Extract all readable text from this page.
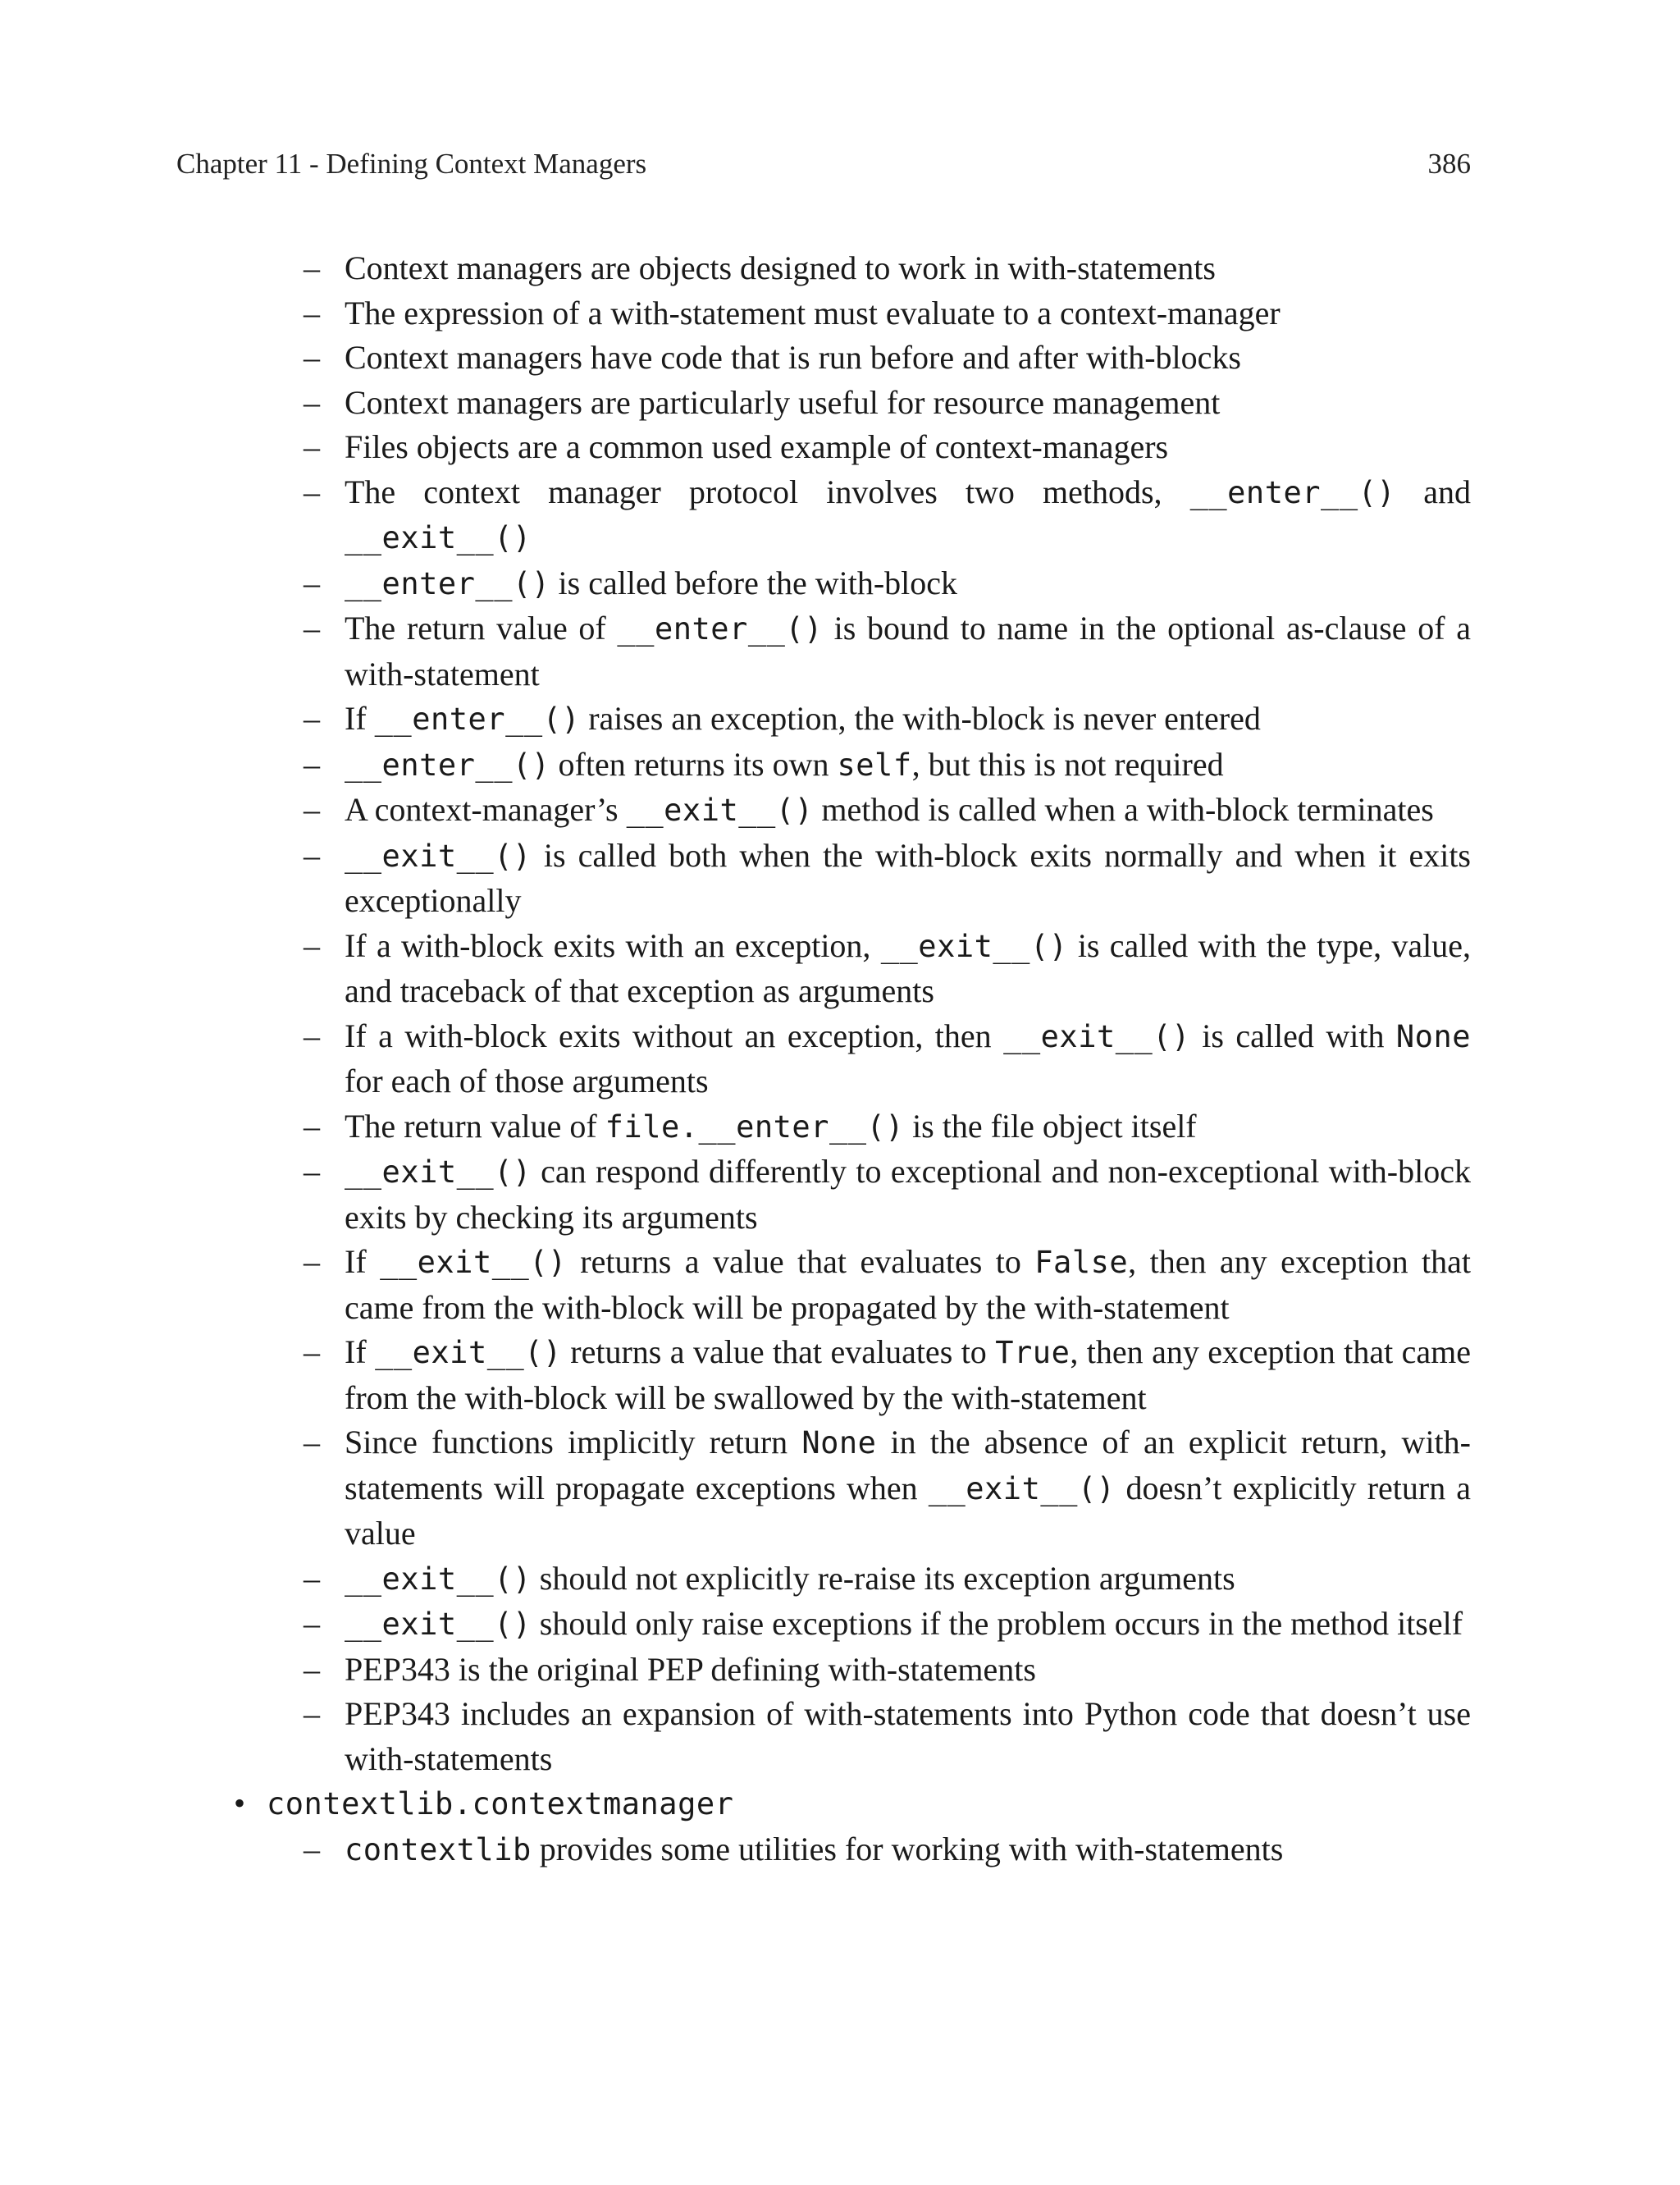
Chapter 11 - Defining Context Managers	386
– Context managers are objects designed to work in with-statements
– The expression of a with-statement must evaluate to a context-manager
– Context managers have code that is run before and after with-blocks
– Context managers are particularly useful for resource management
– Files objects are a common used example of context-managers
– The context manager protocol involves two methods, __enter__() and __exit__()
– __enter__() is called before the with-block
– The return value of __enter__() is bound to name in the optional as-clause of a with-statement
– If __enter__() raises an exception, the with-block is never entered
– __enter__() often returns its own self, but this is not required
– A context-manager’s __exit__() method is called when a with-block terminates
– __exit__() is called both when the with-block exits normally and when it exits exceptionally
– If a with-block exits with an exception, __exit__() is called with the type, value, and traceback of that exception as arguments
– If a with-block exits without an exception, then __exit__() is called with None for each of those arguments
– The return value of file.__enter__() is the file object itself
– __exit__() can respond differently to exceptional and non-exceptional with-block exits by checking its arguments
– If __exit__() returns a value that evaluates to False, then any exception that came from the with-block will be propagated by the with-statement
– If __exit__() returns a value that evaluates to True, then any exception that came from the with-block will be swallowed by the with-statement
– Since functions implicitly return None in the absence of an explicit return, with-statements will propagate exceptions when __exit__() doesn’t explicitly return a value
– __exit__() should not explicitly re-raise its exception arguments
– __exit__() should only raise exceptions if the problem occurs in the method itself
– PEP343 is the original PEP defining with-statements
– PEP343 includes an expansion of with-statements into Python code that doesn’t use with-statements
• contextlib.contextmanager
– contextlib provides some utilities for working with with-statements
